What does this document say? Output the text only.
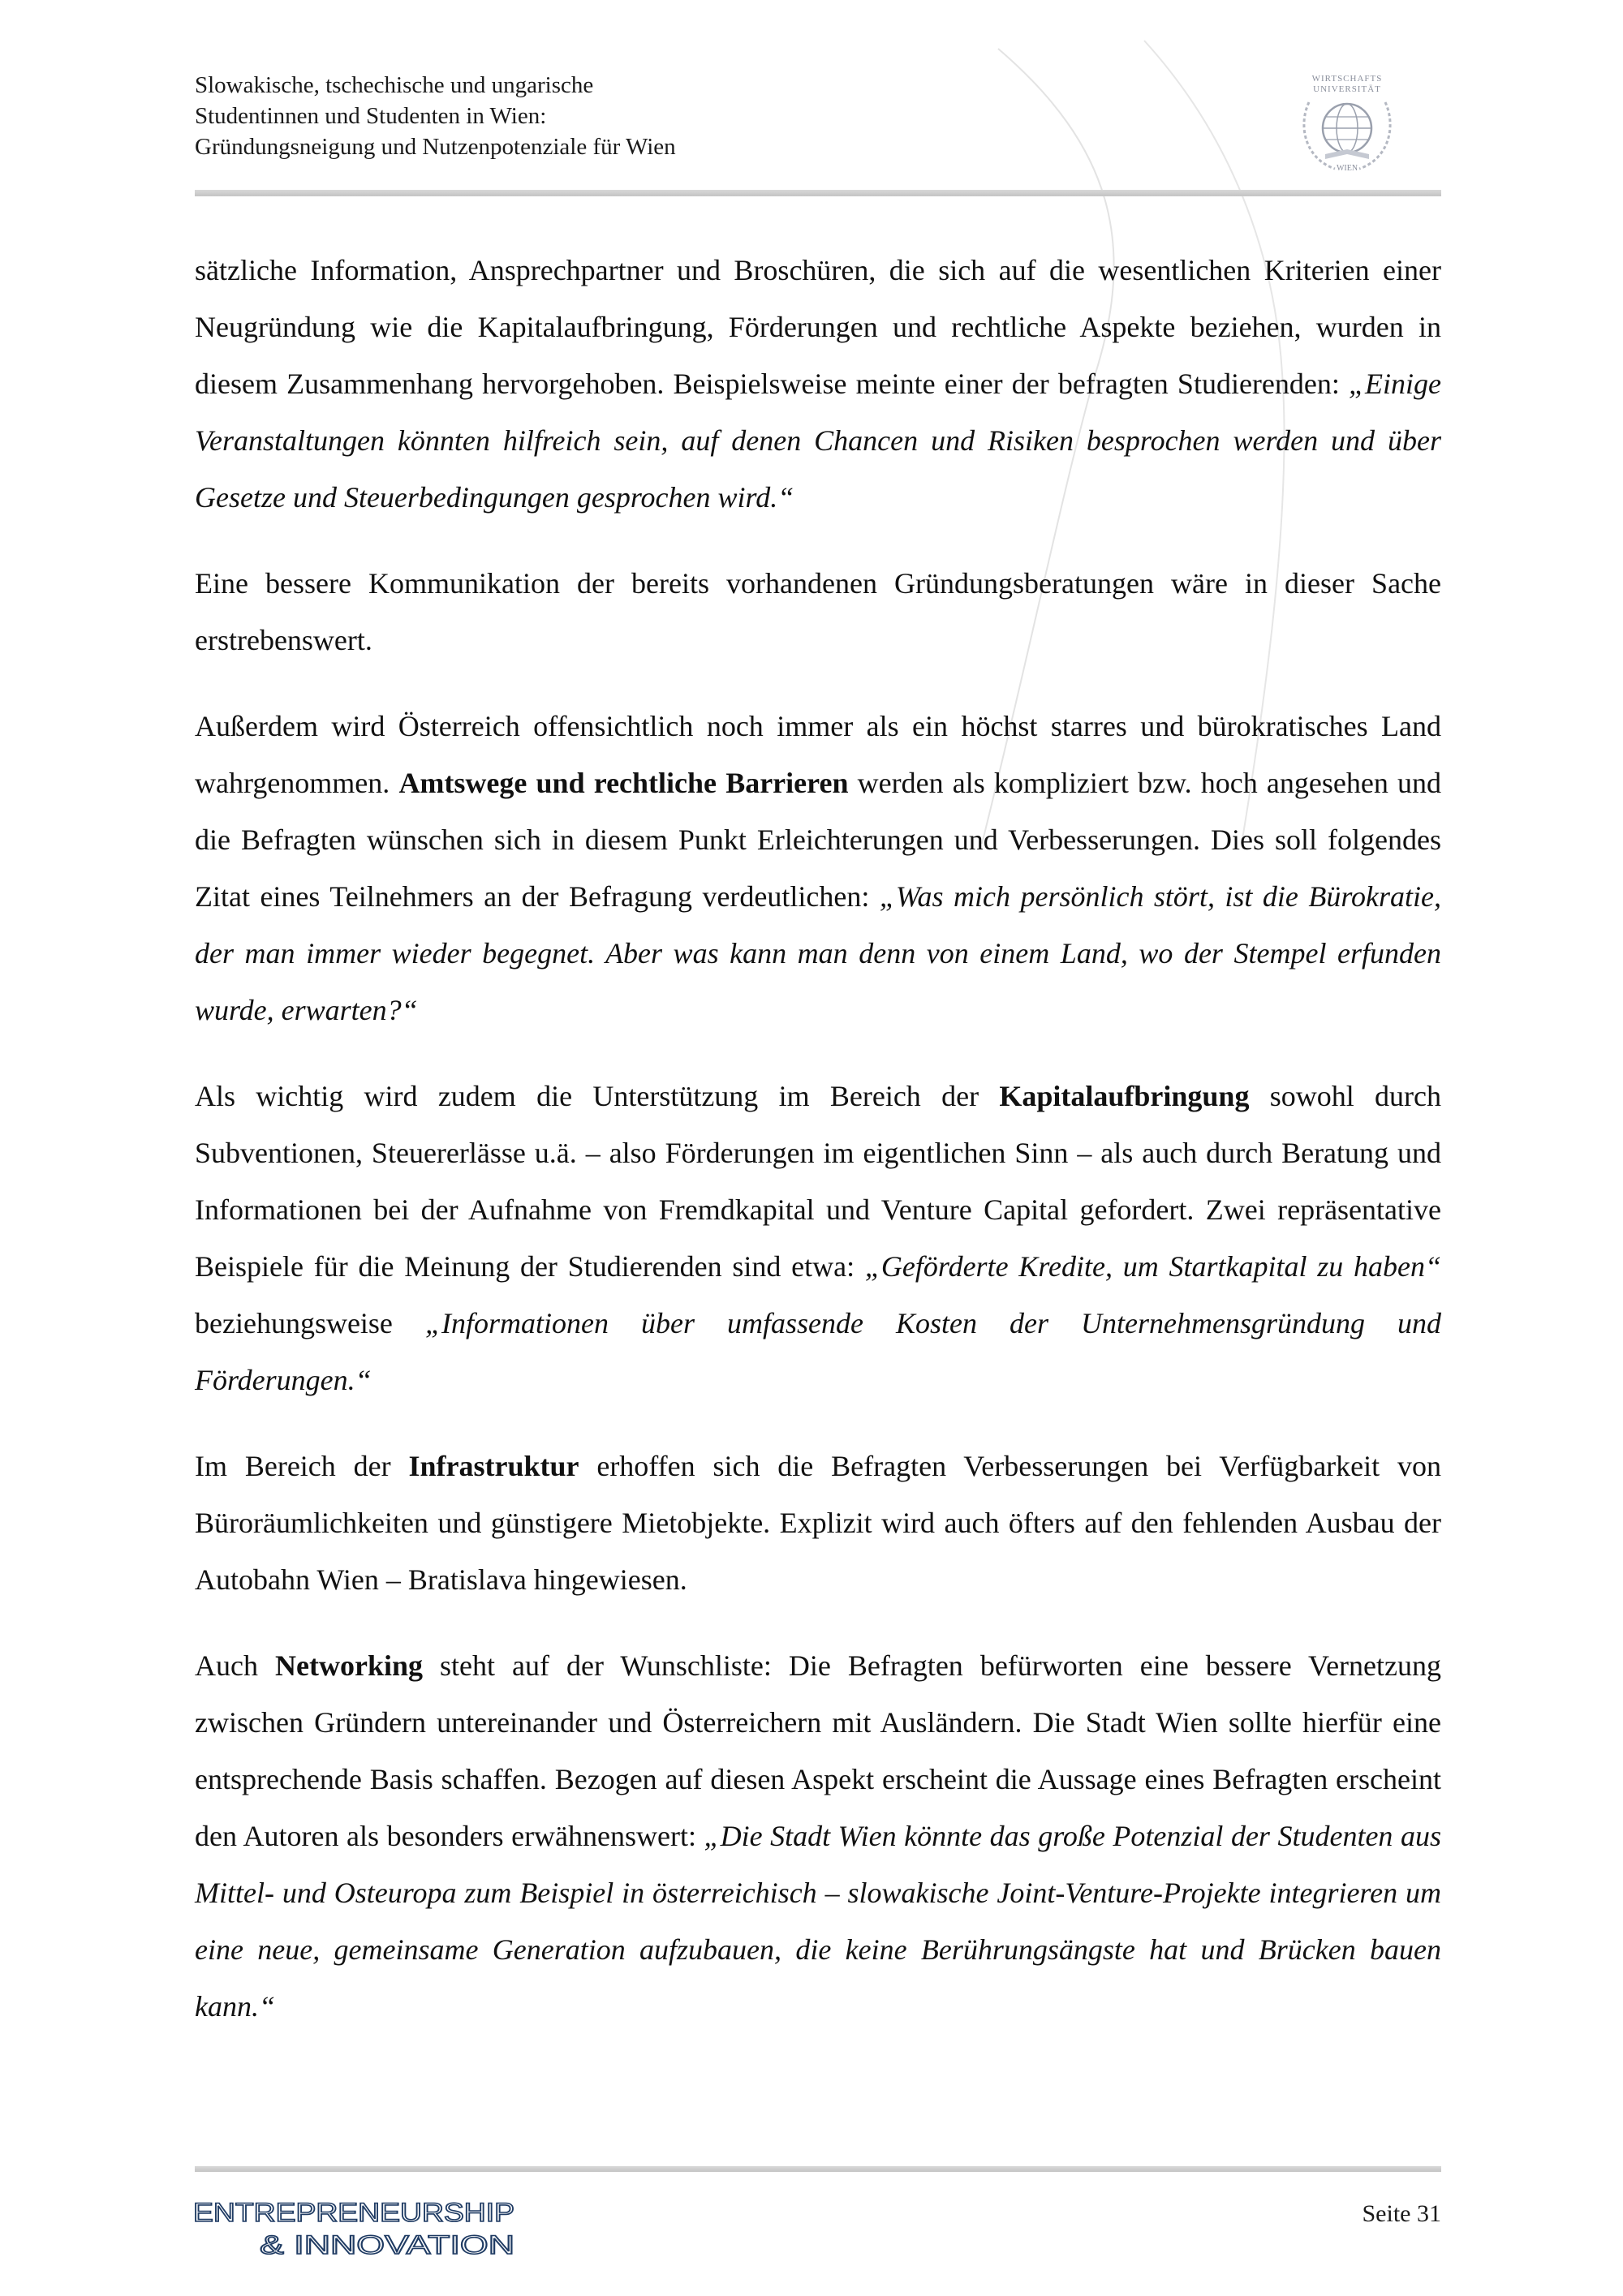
Slowakische, tschechische und ungarische
Studentinnen und Studenten in Wien:
Gründungsneigung und Nutzenpotenziale für Wien
WIRTSCHAFTS
UNIVERSITÄT
WIEN

sätzliche Information, Ansprechpartner und Broschüren, die sich auf die wesentlichen Kriterien einer Neugründung wie die Kapitalaufbringung, Förderungen und rechtliche Aspekte beziehen, wurden in diesem Zusammenhang hervorgehoben. Beispielsweise meinte einer der befragten Studierenden: „Einige Veranstaltungen könnten hilfreich sein, auf denen Chancen und Risiken besprochen werden und über Gesetze und Steuerbedingungen gesprochen wird.“

Eine bessere Kommunikation der bereits vorhandenen Gründungsberatungen wäre in dieser Sache erstrebenswert.

Außerdem wird Österreich offensichtlich noch immer als ein höchst starres und bürokratisches Land wahrgenommen. Amtswege und rechtliche Barrieren werden als kompliziert bzw. hoch angesehen und die Befragten wünschen sich in diesem Punkt Erleichterungen und Verbesserungen. Dies soll folgendes Zitat eines Teilnehmers an der Befragung verdeutlichen: „Was mich persönlich stört, ist die Bürokratie, der man immer wieder begegnet. Aber was kann man denn von einem Land, wo der Stempel erfunden wurde, erwarten?“

Als wichtig wird zudem die Unterstützung im Bereich der Kapitalaufbringung sowohl durch Subventionen, Steuererlässe u.ä. – also Förderungen im eigentlichen Sinn – als auch durch Beratung und Informationen bei der Aufnahme von Fremdkapital und Venture Capital gefordert. Zwei repräsentative Beispiele für die Meinung der Studierenden sind etwa: „Geförderte Kredite, um Startkapital zu haben“ beziehungsweise „Informationen über umfassende Kosten der Unternehmensgründung und Förderungen.“

Im Bereich der Infrastruktur erhoffen sich die Befragten Verbesserungen bei Verfügbarkeit von Büroräumlichkeiten und günstigere Mietobjekte. Explizit wird auch öfters auf den fehlenden Ausbau der Autobahn Wien – Bratislava hingewiesen.

Auch Networking steht auf der Wunschliste: Die Befragten befürworten eine bessere Vernetzung zwischen Gründern untereinander und Österreichern mit Ausländern. Die Stadt Wien sollte hierfür eine entsprechende Basis schaffen. Bezogen auf diesen Aspekt erscheint die Aussage eines Befragten erscheint den Autoren als besonders erwähnenswert: „Die Stadt Wien könnte das große Potenzial der Studenten aus Mittel- und Osteuropa zum Beispiel in österreichisch – slowakische Joint-Venture-Projekte integrieren um eine neue, gemeinsame Generation aufzubauen, die keine Berührungsängste hat und Brücken bauen kann.“

ENTREPRENEURSHIP
& INNOVATION
Seite 31
